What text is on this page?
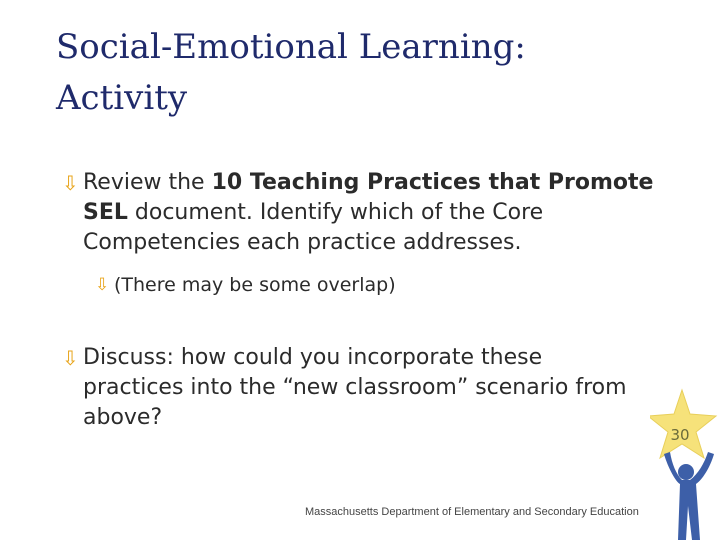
Social-Emotional Learning:
Activity
⇩ Review the 10 Teaching Practices that Promote SEL document. Identify which of the Core Competencies each practice addresses.
⇩ (There may be some overlap)
⇩ Discuss: how could you incorporate these practices into the “new classroom” scenario from above?
30
Massachusetts Department of Elementary and Secondary Education
